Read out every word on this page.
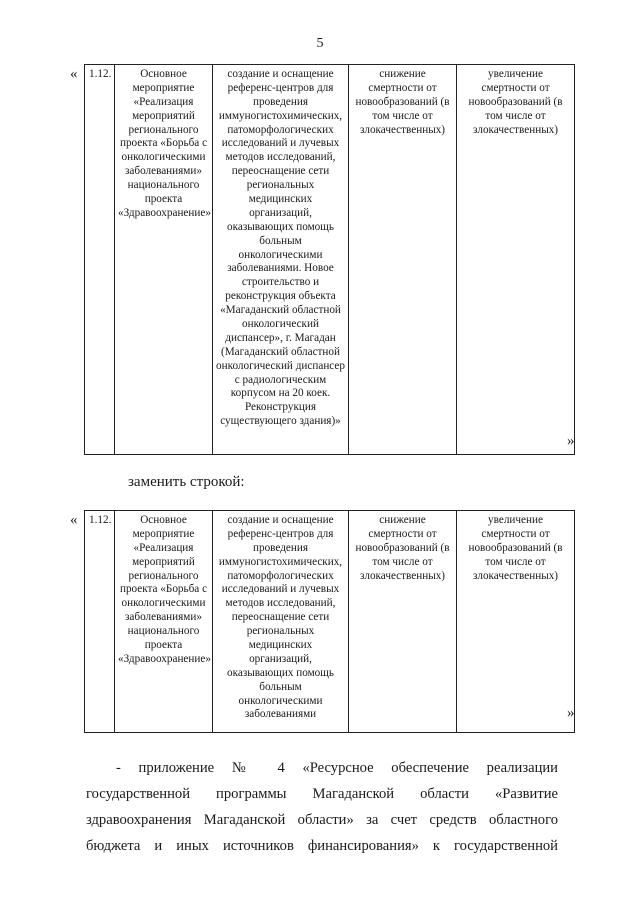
5
« 1.12.	Основное мероприятие «Реализация мероприятий регионального проекта «Борьба с онкологическими заболеваниями» национального проекта «Здравоохранение»	создание и оснащение референс-центров для проведения иммуногистохимических, патоморфологических исследований и лучевых методов исследований, переоснащение сети региональных медицинских организаций, оказывающих помощь больным онкологическими заболеваниями. Новое строительство и реконструкция объекта «Магаданский областной онкологический диспансер», г. Магадан (Магаданский областной онкологический диспансер с радиологическим корпусом на 20 коек. Реконструкция существующего здания)»	снижение смертности от новообразований (в том числе от злокачественных)	увеличение смертности от новообразований (в том числе от злокачественных)
»
заменить строкой:
« 1.12.	Основное мероприятие «Реализация мероприятий регионального проекта «Борьба с онкологическими заболеваниями» национального проекта «Здравоохранение»	создание и оснащение референс-центров для проведения иммуногистохимических, патоморфологических исследований и лучевых методов исследований, переоснащение сети региональных медицинских организаций, оказывающих помощь больным онкологическими заболеваниями	снижение смертности от новообразований (в том числе от злокачественных)	увеличение смертности от новообразований (в том числе от злокачественных)
»

- приложение № 4 «Ресурсное обеспечение реализации государственной программы Магаданской области «Развитие здравоохранения Магаданской области» за счет средств областного бюджета и иных источников финансирования» к государственной
